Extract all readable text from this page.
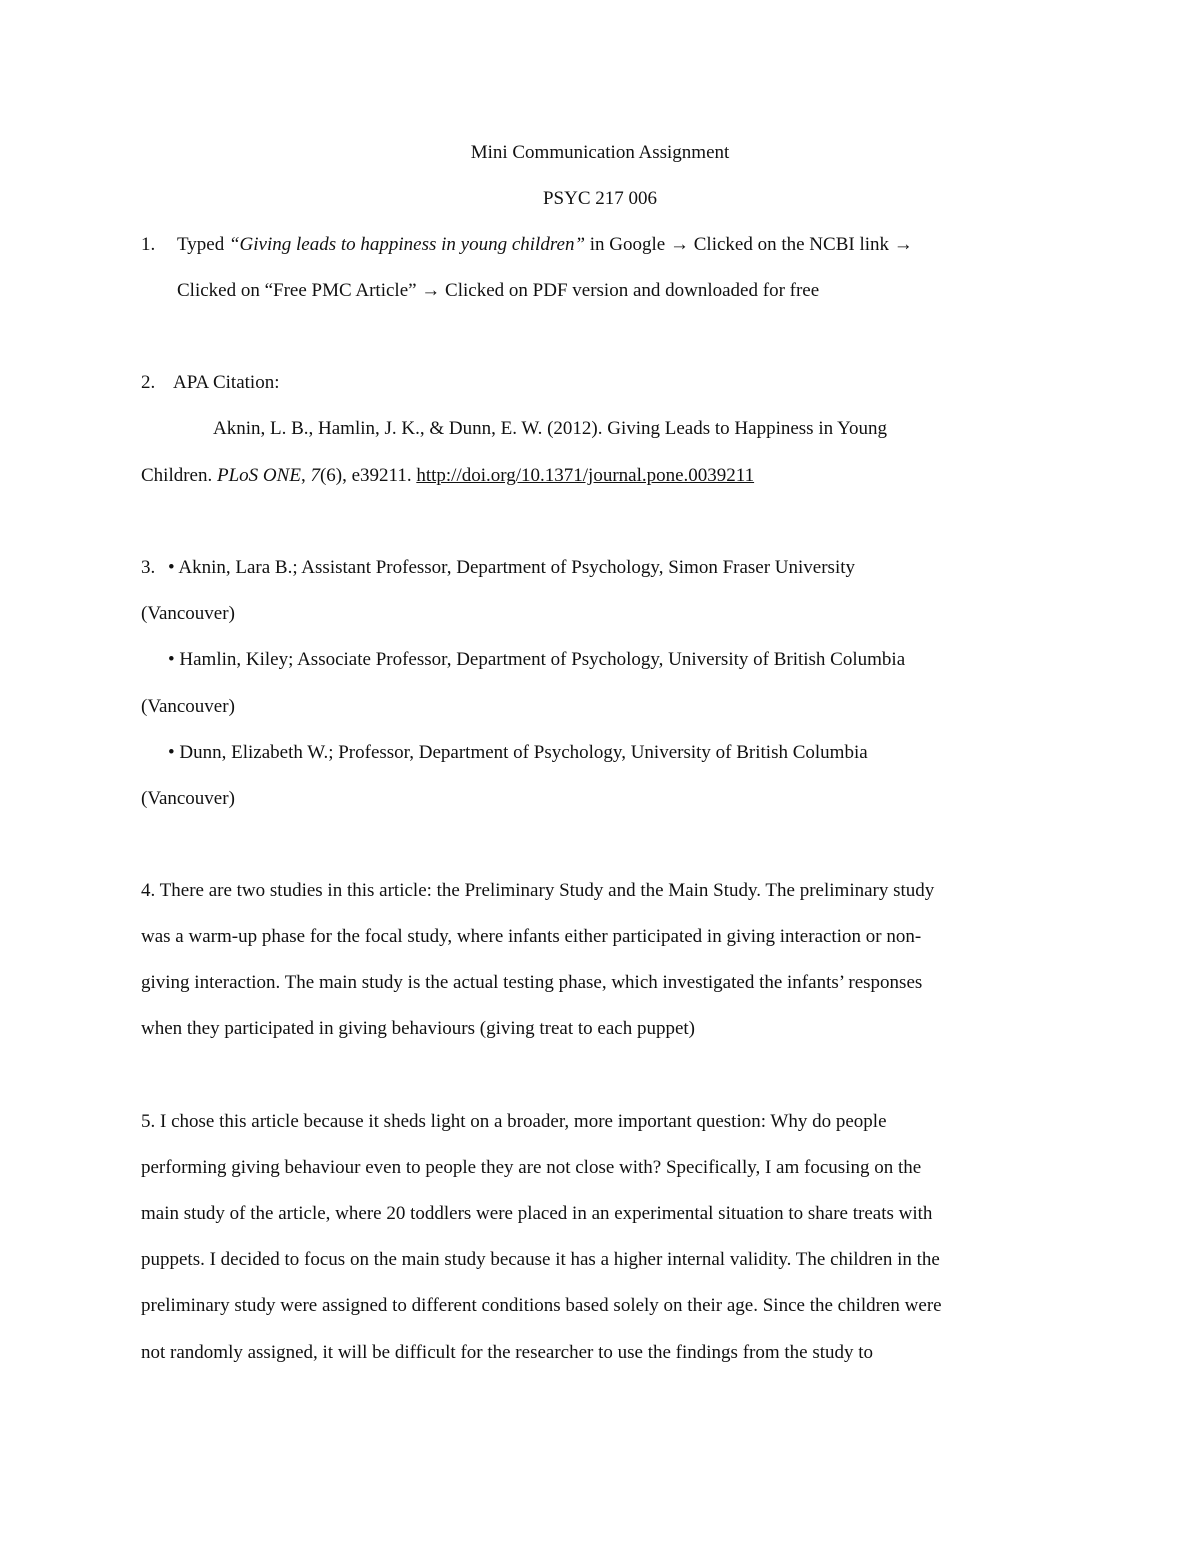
Mini Communication Assignment
PSYC 217 006
1. Typed “Giving leads to happiness in young children” in Google → Clicked on the NCBI link →
Clicked on “Free PMC Article” → Clicked on PDF version and downloaded for free
2. APA Citation:
Aknin, L. B., Hamlin, J. K., & Dunn, E. W. (2012). Giving Leads to Happiness in Young
Children. PLoS ONE, 7(6), e39211. http://doi.org/10.1371/journal.pone.0039211
3. • Aknin, Lara B.; Assistant Professor, Department of Psychology, Simon Fraser University
(Vancouver)
• Hamlin, Kiley; Associate Professor, Department of Psychology, University of British Columbia
(Vancouver)
• Dunn, Elizabeth W.; Professor, Department of Psychology, University of British Columbia
(Vancouver)
4. There are two studies in this article: the Preliminary Study and the Main Study. The preliminary study
was a warm-up phase for the focal study, where infants either participated in giving interaction or non-
giving interaction. The main study is the actual testing phase, which investigated the infants’ responses
when they participated in giving behaviours (giving treat to each puppet)
5. I chose this article because it sheds light on a broader, more important question: Why do people
performing giving behaviour even to people they are not close with? Specifically, I am focusing on the
main study of the article, where 20 toddlers were placed in an experimental situation to share treats with
puppets. I decided to focus on the main study because it has a higher internal validity. The children in the
preliminary study were assigned to different conditions based solely on their age. Since the children were
not randomly assigned, it will be difficult for the researcher to use the findings from the study to
